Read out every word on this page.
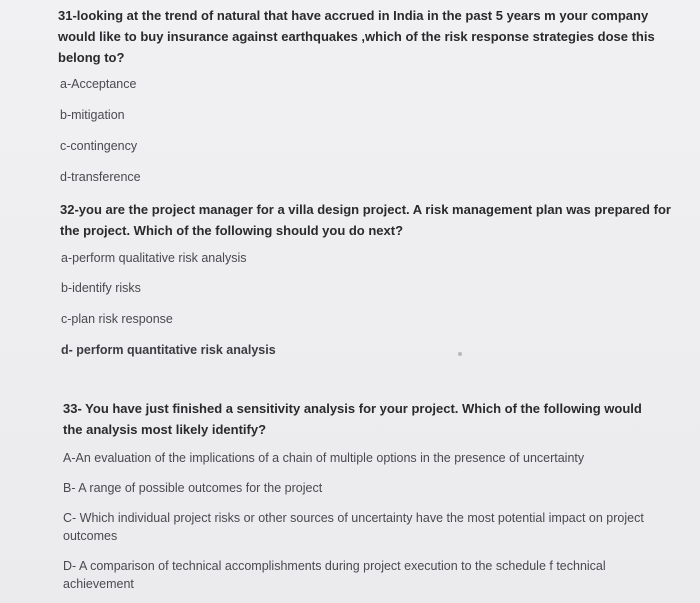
31-looking at the trend of natural that have accrued in India in the past 5 years m your company would like to buy insurance against earthquakes ,which of the risk response strategies dose this belong to?
a-Acceptance
b-mitigation
c-contingency
d-transference
32-you are the project manager for a villa design project. A risk management plan was prepared for the project. Which of the following should you do next?
a-perform qualitative risk analysis
b-identify risks
c-plan risk response
d- perform quantitative risk analysis
33- You have just finished a sensitivity analysis for your project. Which of the following would the analysis most likely identify?
A-An evaluation of the implications of a chain of multiple options in the presence of uncertainty
B- A range of possible outcomes for the project
C- Which individual project risks or other sources of uncertainty have the most potential impact on project outcomes
D- A comparison of technical accomplishments during project execution to the schedule f technical achievement
